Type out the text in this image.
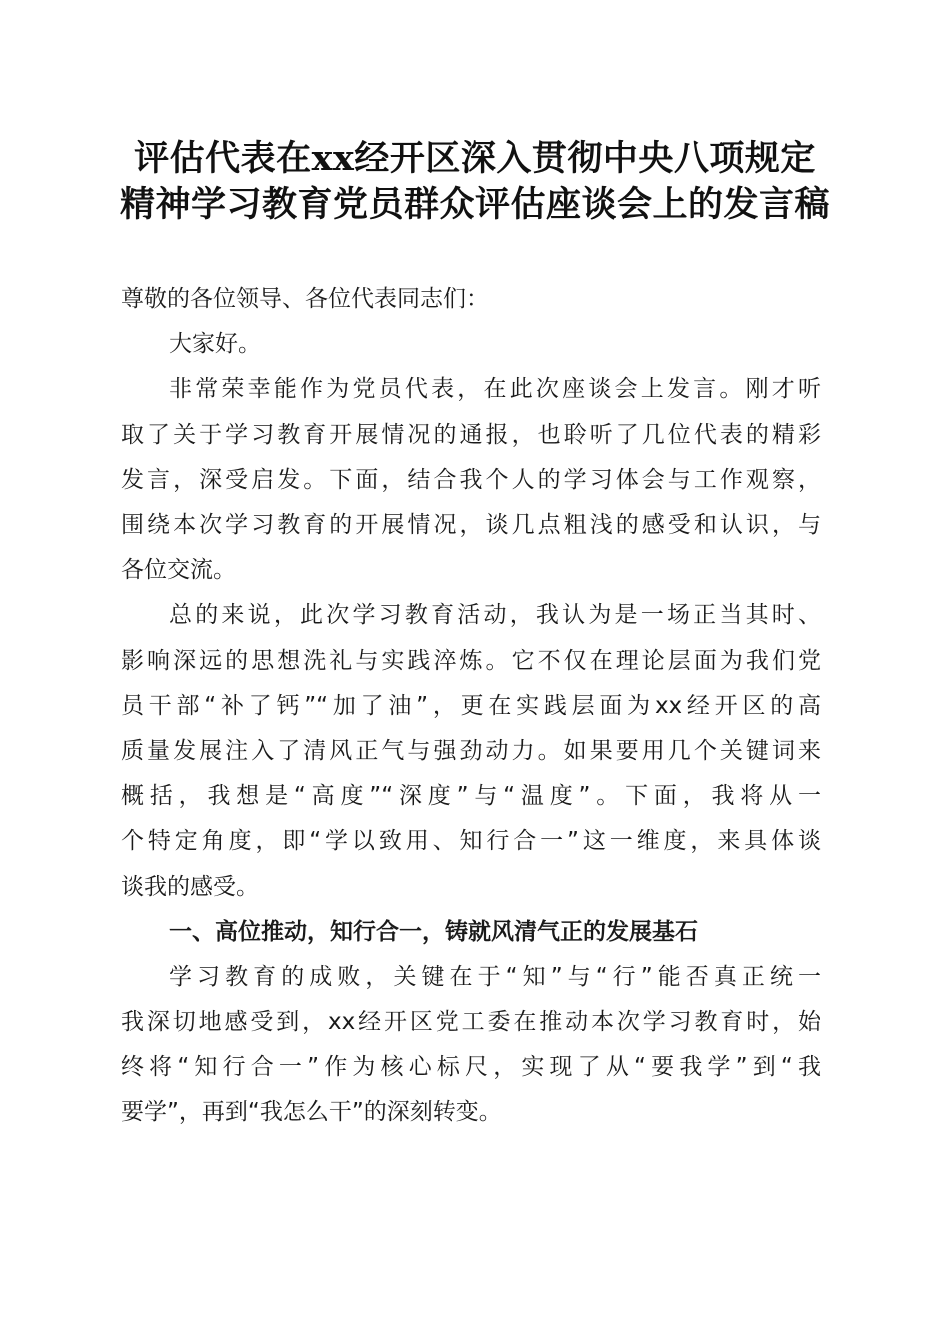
评估代表在xx经开区深入贯彻中央八项规定
精神学习教育党员群众评估座谈会上的发言稿
尊敬的各位领导、各位代表同志们：
大家好。
非常荣幸能作为党员代表，在此次座谈会上发言。刚才听
取了关于学习教育开展情况的通报，也聆听了几位代表的精彩
发言，深受启发。下面，结合我个人的学习体会与工作观察，
围绕本次学习教育的开展情况，谈几点粗浅的感受和认识，与
各位交流。
总的来说，此次学习教育活动，我认为是一场正当其时、
影响深远的思想洗礼与实践淬炼。它不仅在理论层面为我们党
员干部“补了钙”“加了油”，更在实践层面为xx经开区的高
质量发展注入了清风正气与强劲动力。如果要用几个关键词来
概括，我想是“高度”“深度”与“温度”。下面，我将从一
个特定角度，即“学以致用、知行合一”这一维度，来具体谈
谈我的感受。
一、高位推动，知行合一，铸就风清气正的发展基石
学习教育的成败，关键在于“知”与“行”能否真正统一
我深切地感受到，xx经开区党工委在推动本次学习教育时，始
终将“知行合一”作为核心标尺，实现了从“要我学”到“我
要学”，再到“我怎么干”的深刻转变。
